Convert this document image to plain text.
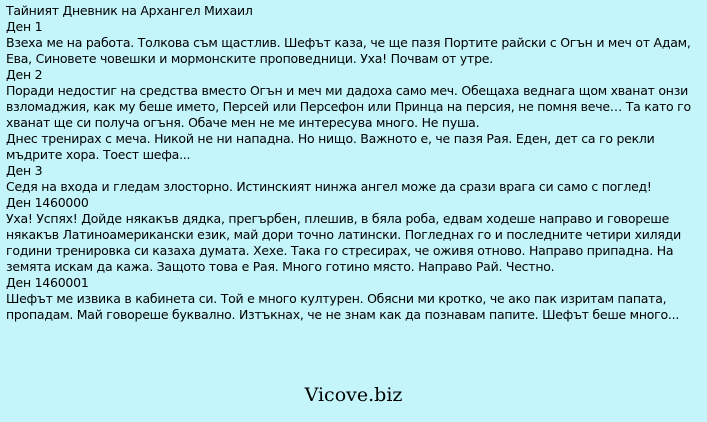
Тайният Дневник на Архангел Михаил
Ден 1
Взеха ме на работа. Толкова съм щастлив. Шефът каза, че ще пазя Портите райски с Огън и меч от Адам, Ева, Синовете човешки и мормонските проповедници. Уха! Почвам от утре.
Ден 2
Поради недостиг на средства вместо Огън и меч ми дадоха само меч. Обещаха веднага щом хванат онзи взломаджия, как му беше името, Персей или Персефон или Принца на персия, не помня вече… Та като го хванат ще си получа огъня. Обаче мен не ме интересува много. Не пуша.
Днес тренирах с меча. Никой не ни нападна. Но нищо. Важното е, че пазя Рая. Еден, дет са го рекли мъдрите хора. Тоест шефа...
Ден 3
Седя на входа и гледам злосторно. Истинският нинжа ангел може да срази врага си само с поглед!
Ден 1460000
Уха! Успях! Дойде някакъв дядка, прегърбен, плешив, в бяла роба, едвам ходеше направо и говореше някакъв Латиноамерикански език, май дори точно латински. Погледнах го и последните четири хиляди години тренировка си казаха думата. Хехе. Така го стресирах, че оживя отново. Направо припадна. На земята искам да кажа. Защото това е Рая. Много готино място. Направо Рай. Честно.
Ден 1460001
Шефът ме извика в кабинета си. Той е много културен. Обясни ми кротко, че ако пак изритам папата, пропадам. Май говореше буквално. Изтъкнах, че не знам как да познавам папите. Шефът беше много...
Vicove.biz
